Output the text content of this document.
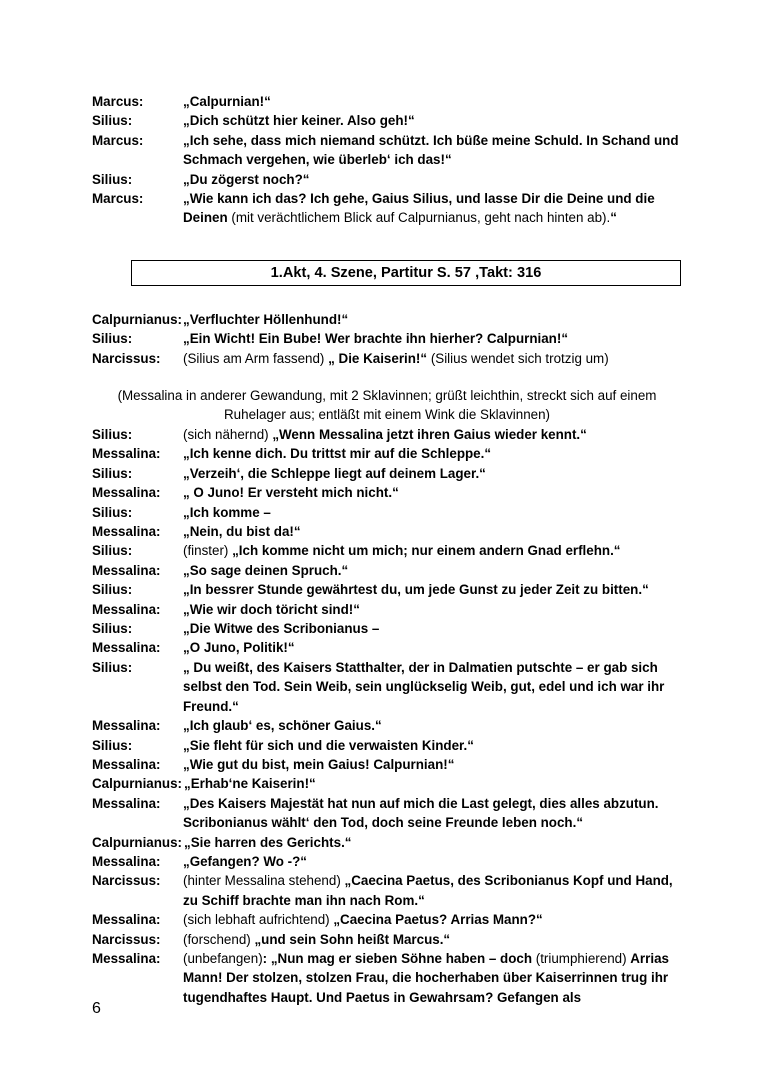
Marcus:	„Calpurnian!“
Silius:	„Dich schützt hier keiner. Also geh!“
Marcus:	„Ich sehe, dass mich niemand schützt. Ich büße meine Schuld. In Schand und Schmach vergehen, wie überleb‘ ich das!“
Silius:	„Du zögerst noch?“
Marcus:	„Wie kann ich das? Ich gehe, Gaius Silius, und lasse Dir die Deine und die Deinen (mit verächtlichem Blick auf Calpurnianus, geht nach hinten ab).“
1.Akt, 4. Szene, Partitur S. 57 ,Takt: 316
Calpurnianus: „Verfluchter Höllenhund!“
Silius:	„Ein Wicht! Ein Bube! Wer brachte ihn hierher? Calpurnian!“
Narcissus:	(Silius am Arm fassend) „ Die Kaiserin!“ (Silius wendet sich trotzig um)
(Messalina in anderer Gewandung, mit 2 Sklavinnen; grüßt leichthin, streckt sich auf einem Ruhelager aus; entläßt mit einem Wink die Sklavinnen)
Silius:	(sich nähernd) „Wenn Messalina jetzt ihren Gaius wieder kennt.“
Messalina:	„Ich kenne dich. Du trittst mir auf die Schleppe.“
Silius:	„Verzeih‘, die Schleppe liegt auf deinem Lager.“
Messalina:	„ O Juno! Er versteht mich nicht.“
Silius:	„Ich komme –
Messalina:	„Nein, du bist da!“
Silius:	(finster) „Ich komme nicht um mich; nur einem andern Gnad erflehn.“
Messalina:	„So sage deinen Spruch.“
Silius:	„In bessrer Stunde gewährtest du, um jede Gunst zu jeder Zeit zu bitten.“
Messalina:	„Wie wir doch töricht sind!“
Silius:	„Die Witwe des Scribonianus –
Messalina:	„O Juno, Politik!“
Silius:	„ Du weißt, des Kaisers Statthalter, der in Dalmatien putschte – er gab sich selbst den Tod. Sein Weib, sein unglückselig Weib, gut, edel und ich war ihr Freund.“
Messalina:	„Ich glaub‘ es, schöner Gaius.“
Silius:	„Sie fleht für sich und die verwaisten Kinder.“
Messalina:	„Wie gut du bist, mein Gaius! Calpurnian!“
Calpurnianus: „Erhab‘ne Kaiserin!“
Messalina:	„Des Kaisers Majestät hat nun auf mich die Last gelegt, dies alles abzutun. Scribonianus wählt‘ den Tod, doch seine Freunde leben noch.“
Calpurnianus: „Sie harren des Gerichts.“
Messalina:	„Gefangen? Wo -?“
Narcissus:	(hinter Messalina stehend) „Caecina Paetus, des Scribonianus Kopf und Hand, zu Schiff brachte man ihn nach Rom.“
Messalina:	(sich lebhaft aufrichtend) „Caecina Paetus? Arrias Mann?“
Narcissus:	(forschend) „und sein Sohn heißt Marcus.“
Messalina:	(unbefangen): „Nun mag er sieben Söhne haben – doch (triumphierend) Arrias Mann! Der stolzen, stolzen Frau, die hocherhaben über Kaiserrinnen trug ihr tugendhaftes Haupt. Und Paetus in Gewahrsam? Gefangen als
6
